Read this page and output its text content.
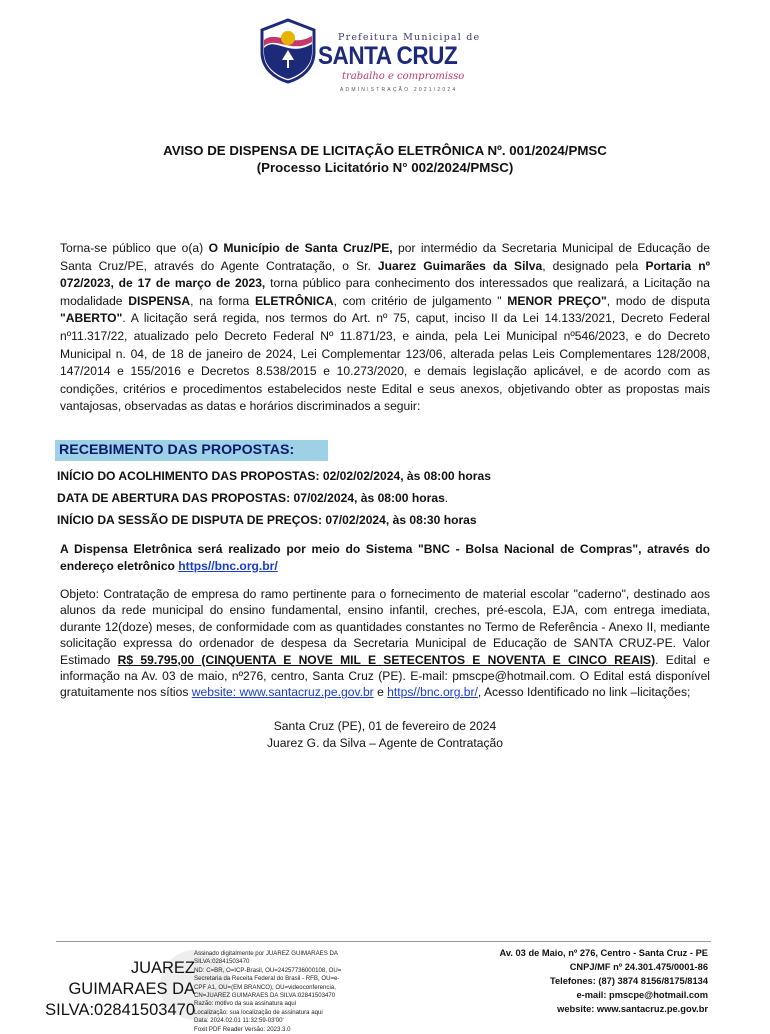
Prefeitura Municipal de
SANTA CRUZ
trabalho e compromisso
ADMINISTRAÇÃO 2021/2024
AVISO DE DISPENSA DE LICITAÇÃO ELETRÔNICA Nº. 001/2024/PMSC
(Processo Licitatório N° 002/2024/PMSC)

Torna-se público que o(a) O Município de Santa Cruz/PE, por intermédio da Secretaria Municipal de Educação de Santa Cruz/PE, através do Agente Contratação, o Sr. Juarez Guimarães da Silva, designado pela Portaria nº 072/2023, de 17 de março de 2023, torna público para conhecimento dos interessados que realizará, a Licitação na modalidade DISPENSA, na forma ELETRÔNICA, com critério de julgamento " MENOR PREÇO", modo de disputa "ABERTO". A licitação será regida, nos termos do Art. nº 75, caput, inciso II da Lei 14.133/2021, Decreto Federal nº11.317/22, atualizado pelo Decreto Federal Nº 11.871/23, e ainda, pela Lei Municipal nº546/2023, e do Decreto Municipal n. 04, de 18 de janeiro de 2024, Lei Complementar 123/06, alterada pelas Leis Complementares 128/2008, 147/2014 e 155/2016 e Decretos 8.538/2015 e 10.273/2020, e demais legislação aplicável, e de acordo com as condições, critérios e procedimentos estabelecidos neste Edital e seus anexos, objetivando obter as propostas mais vantajosas, observadas as datas e horários discriminados a seguir:

RECEBIMENTO DAS PROPOSTAS:
INÍCIO DO ACOLHIMENTO DAS PROPOSTAS: 02/02/02/2024, às 08:00 horas
DATA DE ABERTURA DAS PROPOSTAS: 07/02/2024, às 08:00 horas.
INÍCIO DA SESSÃO DE DISPUTA DE PREÇOS: 07/02/2024, às 08:30 horas

A Dispensa Eletrônica será realizado por meio do Sistema "BNC - Bolsa Nacional de Compras", através do endereço eletrônico https//bnc.org.br/

Objeto: Contratação de empresa do ramo pertinente para o fornecimento de material escolar "caderno", destinado aos alunos da rede municipal do ensino fundamental, ensino infantil, creches, pré-escola, EJA, com entrega imediata, durante 12(doze) meses, de conformidade com as quantidades constantes no Termo de Referência - Anexo II, mediante solicitação expressa do ordenador de despesa da Secretaria Municipal de Educação de SANTA CRUZ-PE. Valor Estimado R$ 59.795,00 (CINQUENTA E NOVE MIL E SETECENTOS E NOVENTA E CINCO REAIS). Edital e informação na Av. 03 de maio, nº276, centro, Santa Cruz (PE). E-mail: pmscpe@hotmail.com. O Edital está disponível gratuitamente nos sítios website: www.santacruz.pe.gov.br e https//bnc.org.br/, Acesso Identificado no link –licitações;

Santa Cruz (PE), 01 de fevereiro de 2024
Juarez G. da Silva – Agente de Contratação
JUAREZ
GUIMARAES DA
SILVA:02841503470
Assinado digitalmente por JUAREZ GUIMARAES DA
SILVA:02841503470
ND: C=BR, O=ICP-Brasil, OU=24257736000108, OU=
Secretaria da Receita Federal do Brasil - RFB, OU=e-
CPF A1, OU=(EM BRANCO), OU=videoconferencia,
CN=JUAREZ GUIMARAES DA SILVA:02841503470
Razão: motivo da sua assinatura aqui
Localização: sua localização de assinatura aqui
Data: 2024.02.01 11:32:59-03'00'
Foxit PDF Reader Versão: 2023.3.0
Av. 03 de Maio, nº 276, Centro - Santa Cruz - PE
CNPJ/MF nº 24.301.475/0001-86
Telefones: (87) 3874 8156/8175/8134
e-mail: pmscpe@hotmail.com
website: www.santacruz.pe.gov.br
